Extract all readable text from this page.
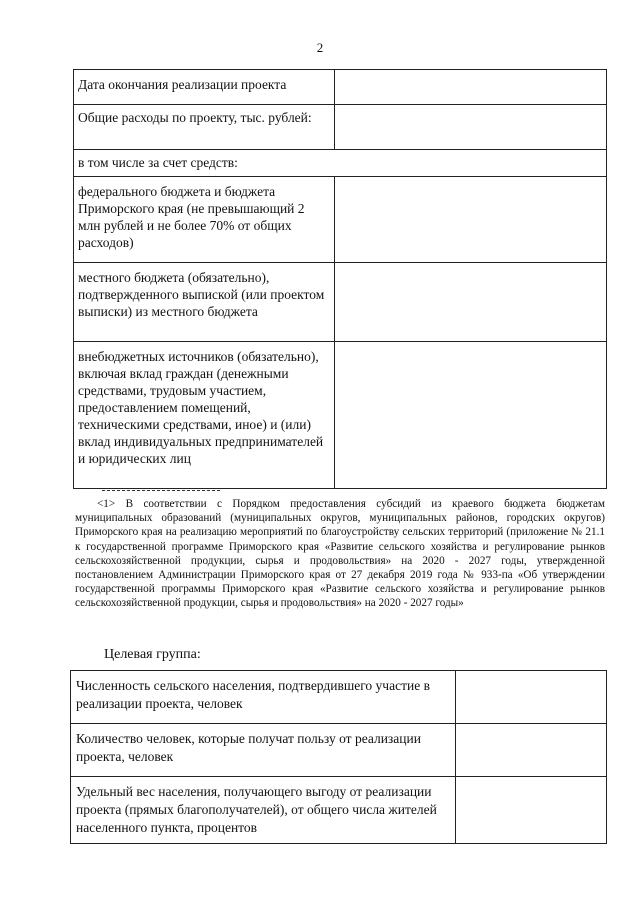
2
Дата окончания реализации проекта	
Общие расходы по проекту, тыс. рублей:	
в том числе за счет средств:	
федерального бюджета и бюджета Приморского края (не превышающий 2 млн рублей и не более 70% от общих расходов)	
местного бюджета (обязательно), подтвержденного выпиской (или проектом выписки) из местного бюджета	
внебюджетных источников (обязательно), включая вклад граждан (денежными средствами, трудовым участием, предоставлением помещений, техническими средствами, иное) и (или) вклад индивидуальных предпринимателей и юридических лиц	
<1> В соответствии с Порядком предоставления субсидий из краевого бюджета бюджетам муниципальных образований (муниципальных округов, муниципальных районов, городских округов) Приморского края на реализацию мероприятий по благоустройству сельских территорий (приложение № 21.1 к государственной программе Приморского края «Развитие сельского хозяйства и регулирование рынков сельскохозяйственной продукции, сырья и продовольствия» на 2020 - 2027 годы, утвержденной постановлением Администрации Приморского края от 27 декабря 2019 года № 933-па «Об утверждении государственной программы Приморского края «Развитие сельского хозяйства и регулирование рынков сельскохозяйственной продукции, сырья и продовольствия» на 2020 - 2027 годы»
Целевая группа:
Численность сельского населения, подтвердившего участие в реализации проекта, человек	
Количество человек, которые получат пользу от реализации проекта, человек	
Удельный вес населения, получающего выгоду от реализации проекта (прямых благополучателей), от общего числа жителей населенного пункта, процентов	
